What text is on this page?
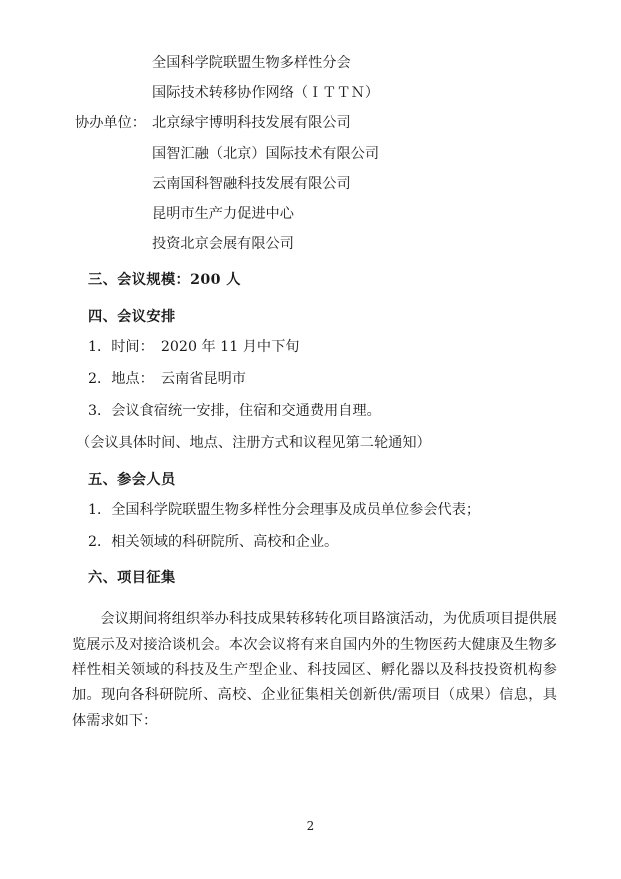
全国科学院联盟生物多样性分会
国际技术转移协作网络（ＩＴＴＮ）
协办单位： 北京绿宇博明科技发展有限公司
国智汇融（北京）国际技术有限公司
云南国科智融科技发展有限公司
昆明市生产力促进中心
投资北京会展有限公司
三、会议规模：200 人
四、会议安排
1．时间：　2020 年 11 月中下旬
2．地点：　云南省昆明市
3．会议食宿统一安排，住宿和交通费用自理。
（会议具体时间、地点、注册方式和议程见第二轮通知）
五、参会人员
1．全国科学院联盟生物多样性分会理事及成员单位参会代表；
2．相关领域的科研院所、高校和企业。
六、项目征集
会议期间将组织举办科技成果转移转化项目路演活动，为优质项目提供展览展示及对接洽谈机会。本次会议将有来自国内外的生物医药大健康及生物多样性相关领域的科技及生产型企业、科技园区、孵化器以及科技投资机构参加。现向各科研院所、高校、企业征集相关创新供/需项目（成果）信息，具体需求如下：
2
